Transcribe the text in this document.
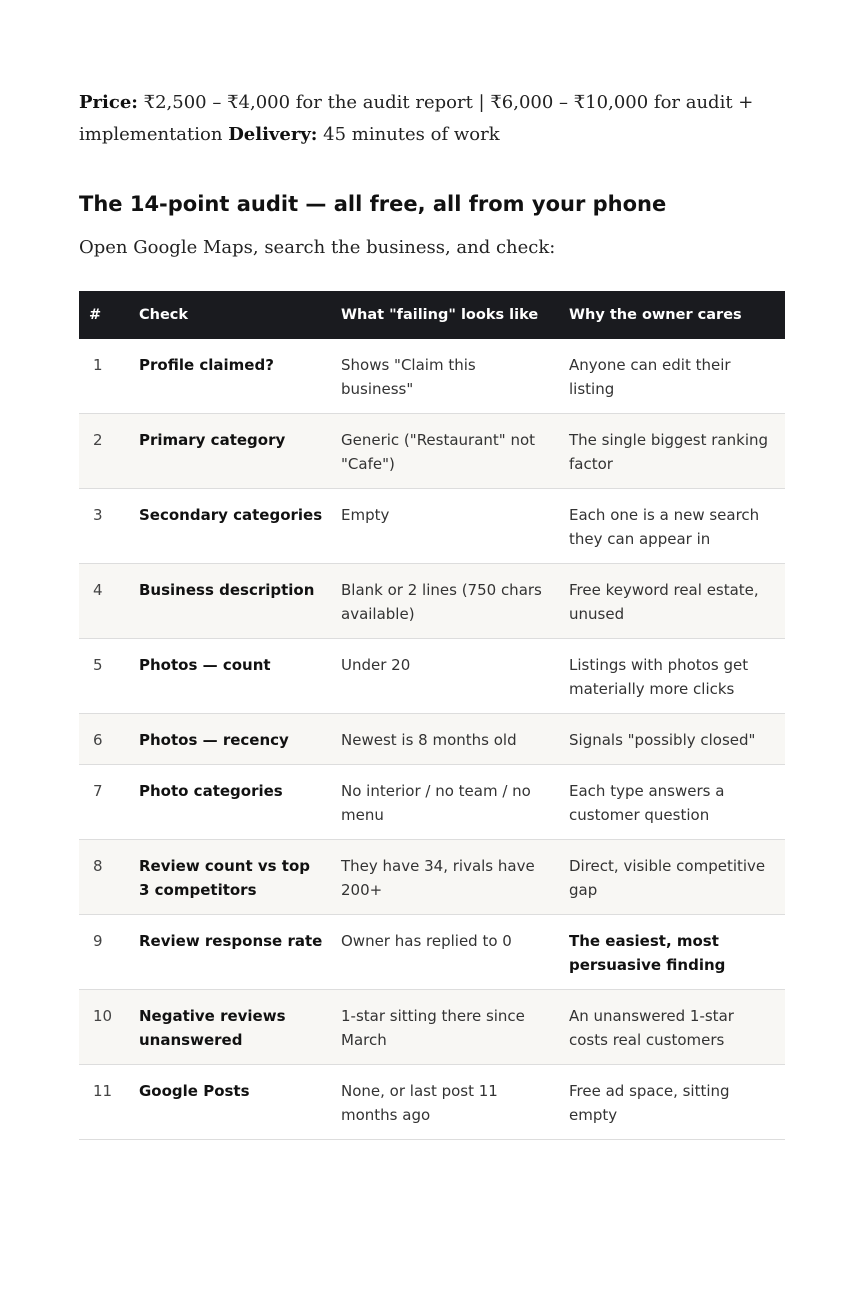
Price: ₹2,500 – ₹4,000 for the audit report | ₹6,000 – ₹10,000 for audit + implementation Delivery: 45 minutes of work

The 14-point audit — all free, all from your phone

Open Google Maps, search the business, and check:

#	Check	What "failing" looks like	Why the owner cares
1	Profile claimed?	Shows "Claim this business"	Anyone can edit their listing
2	Primary category	Generic ("Restaurant" not "Cafe")	The single biggest ranking factor
3	Secondary categories	Empty	Each one is a new search they can appear in
4	Business description	Blank or 2 lines (750 chars available)	Free keyword real estate, unused
5	Photos — count	Under 20	Listings with photos get materially more clicks
6	Photos — recency	Newest is 8 months old	Signals "possibly closed"
7	Photo categories	No interior / no team / no menu	Each type answers a customer question
8	Review count vs top 3 competitors	They have 34, rivals have 200+	Direct, visible competitive gap
9	Review response rate	Owner has replied to 0	The easiest, most persuasive finding
10	Negative reviews unanswered	1-star sitting there since March	An unanswered 1-star costs real customers
11	Google Posts	None, or last post 11 months ago	Free ad space, sitting empty
